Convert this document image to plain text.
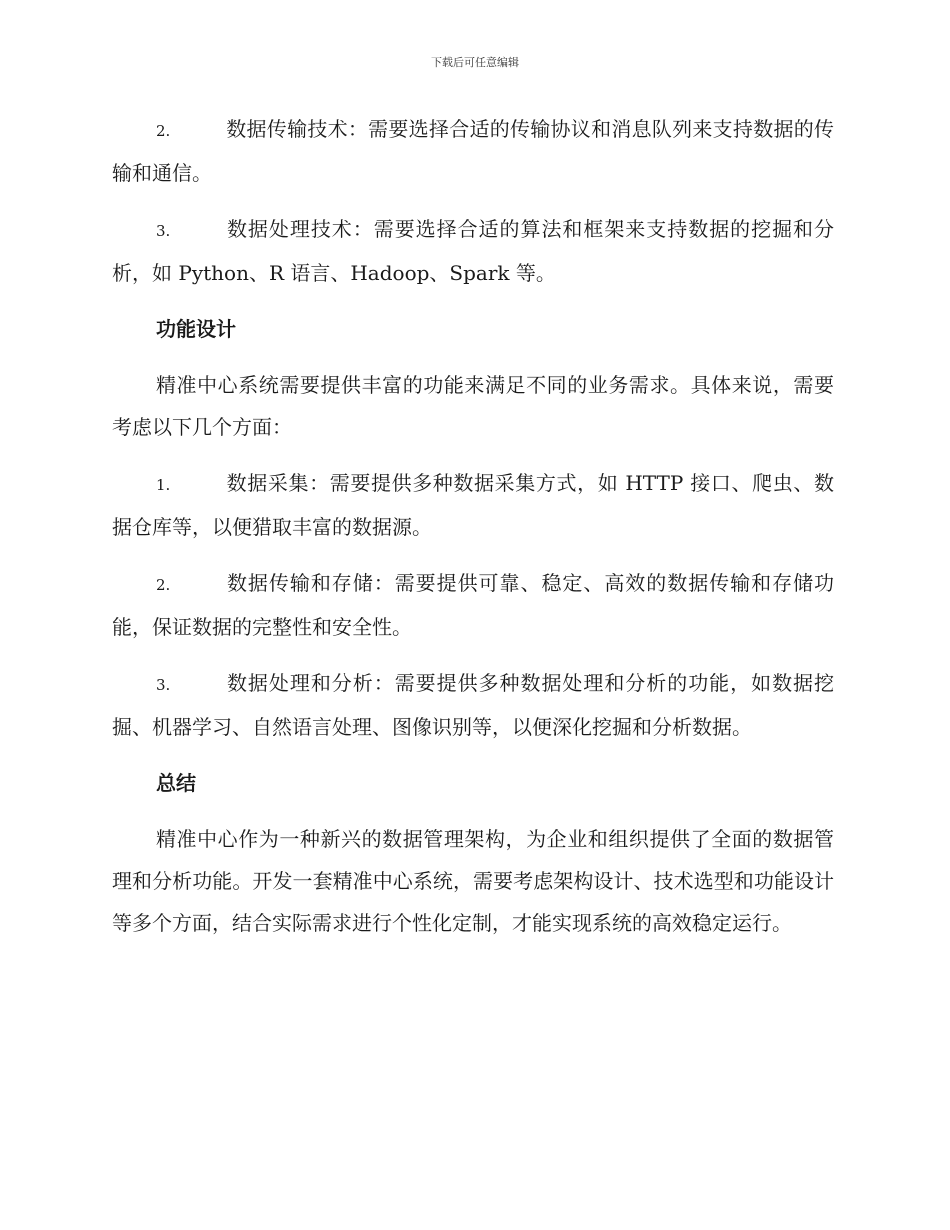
下载后可任意编辑

2.	数据传输技术：需要选择合适的传输协议和消息队列来支持数据的传输和通信。

3.	数据处理技术：需要选择合适的算法和框架来支持数据的挖掘和分析，如 Python、R 语言、Hadoop、Spark 等。

功能设计

精准中心系统需要提供丰富的功能来满足不同的业务需求。具体来说，需要考虑以下几个方面：

1.	数据采集：需要提供多种数据采集方式，如 HTTP 接口、爬虫、数据仓库等，以便猎取丰富的数据源。

2.	数据传输和存储：需要提供可靠、稳定、高效的数据传输和存储功能，保证数据的完整性和安全性。

3.	数据处理和分析：需要提供多种数据处理和分析的功能，如数据挖掘、机器学习、自然语言处理、图像识别等，以便深化挖掘和分析数据。

总结

精准中心作为一种新兴的数据管理架构，为企业和组织提供了全面的数据管理和分析功能。开发一套精准中心系统，需要考虑架构设计、技术选型和功能设计等多个方面，结合实际需求进行个性化定制，才能实现系统的高效稳定运行。
